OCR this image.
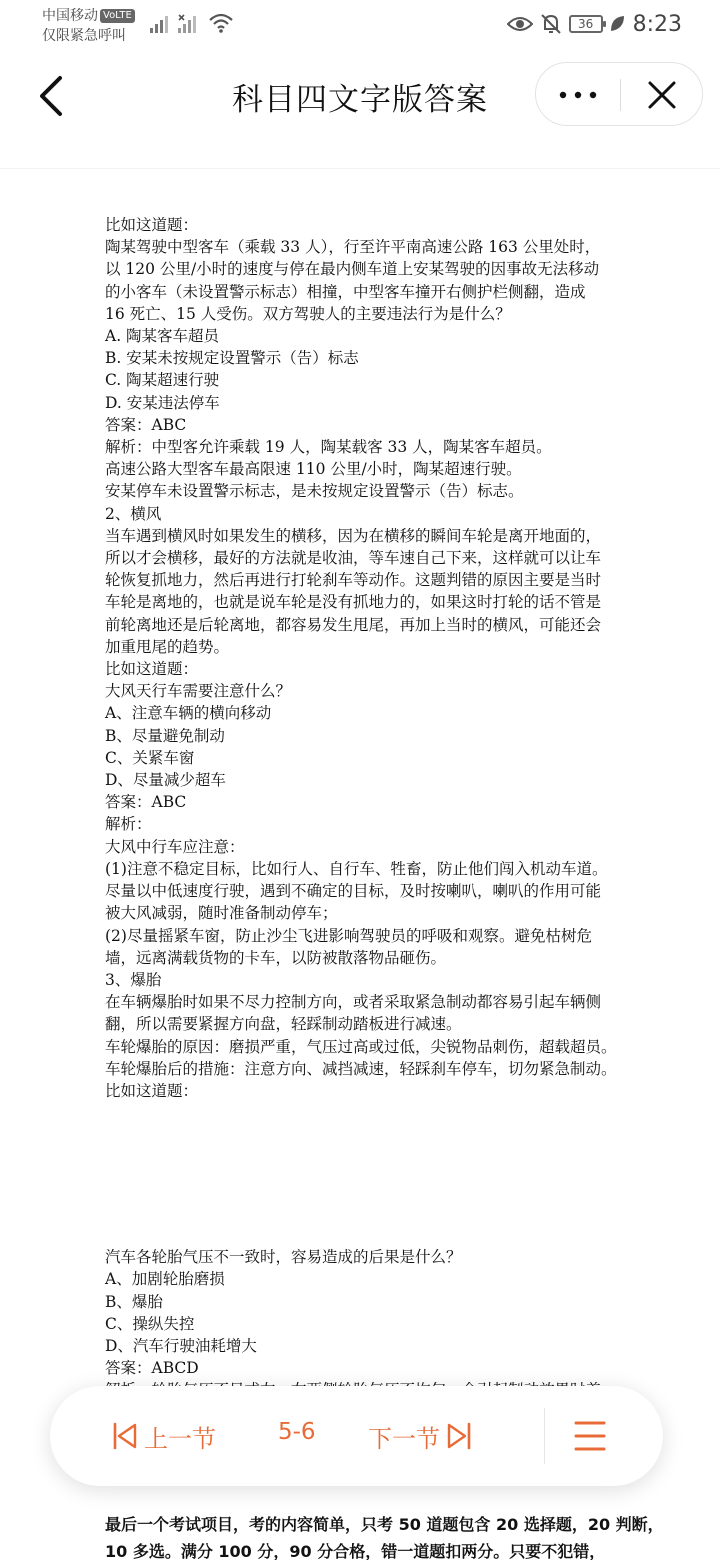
中国移动 VoLTE
仅限紧急呼叫
36	8:23
科目四文字版答案

比如这道题：

陶某驾驶中型客车（乘载 33 人），行至许平南高速公路 163 公里处时，

以 120 公里/小时的速度与停在最内侧车道上安某驾驶的因事故无法移动

的小客车（未设置警示标志）相撞，中型客车撞开右侧护栏侧翻，造成

16 死亡、15 人受伤。双方驾驶人的主要违法行为是什么？

A. 陶某客车超员

B. 安某未按规定设置警示（告）标志

C. 陶某超速行驶

D. 安某违法停车

答案：ABC

解析：中型客允许乘载 19 人，陶某载客 33 人，陶某客车超员。

高速公路大型客车最高限速 110 公里/小时，陶某超速行驶。

安某停车未设置警示标志，是未按规定设置警示（告）标志。

2、横风

当车遇到横风时如果发生的横移，因为在横移的瞬间车轮是离开地面的，

所以才会横移，最好的方法就是收油，等车速自己下来，这样就可以让车

轮恢复抓地力，然后再进行打轮刹车等动作。这题判错的原因主要是当时

车轮是离地的，也就是说车轮是没有抓地力的，如果这时打轮的话不管是

前轮离地还是后轮离地，都容易发生甩尾，再加上当时的横风，可能还会

加重甩尾的趋势。

比如这道题：

大风天行车需要注意什么？

A、注意车辆的横向移动

B、尽量避免制动

C、关紧车窗

D、尽量减少超车

答案：ABC

解析：

大风中行车应注意：

(1)注意不稳定目标，比如行人、自行车、牲畜，防止他们闯入机动车道。

尽量以中低速度行驶，遇到不确定的目标，及时按喇叭，喇叭的作用可能

被大风减弱，随时准备制动停车；

(2)尽量摇紧车窗，防止沙尘飞进影响驾驶员的呼吸和观察。避免枯树危

墙，远离满载货物的卡车，以防被散落物品砸伤。

3、爆胎

在车辆爆胎时如果不尽力控制方向，或者采取紧急制动都容易引起车辆侧

翻，所以需要紧握方向盘，轻踩制动踏板进行减速。

车轮爆胎的原因：磨损严重，气压过高或过低，尖锐物品刺伤，超载超员。

车轮爆胎后的措施：注意方向、减挡减速，轻踩刹车停车，切勿紧急制动。

比如这道题：

汽车各轮胎气压不一致时，容易造成的后果是什么？

A、加剧轮胎磨损

B、爆胎

C、操纵失控

D、汽车行驶油耗增大

答案：ABCD

最后一个考试项目，考的内容简单，只考 50 道题包含 20 选择题，20 判断，10 多选。满分 100 分，90 分合格，错一道题扣两分。只要不犯错，

上一节	5-6 下一节
